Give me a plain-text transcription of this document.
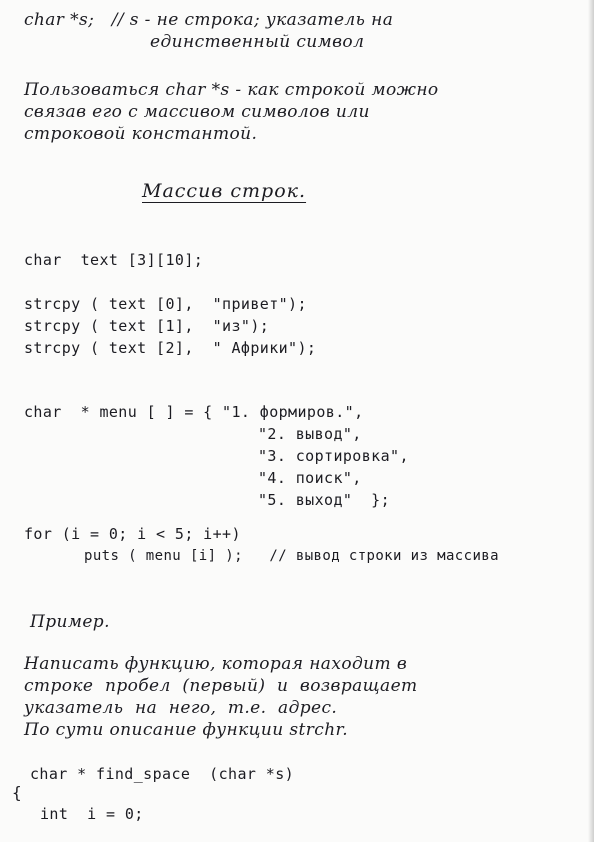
char *s;   // s - не строка; указатель на
единственный символ
Пользоваться char *s - как строкой можно
связав его с массивом символов или
строковой константой.
Массив строк.
char  text [3][10];
strcpy ( text [0],  "привет");
strcpy ( text [1],  "из");
strcpy ( text [2],  " Африки");
char  * menu [ ] = { "1. формиров.",
"2. вывод",
"3. сортировка",
"4. поиск",
"5. выход"  };
for (i = 0; i < 5; i++)
puts ( menu [i] );   // вывод строки из массива
Пример.
Написать функцию, которая находит в
строке  пробел  (первый)  и  возвращает
указатель  на  него,  т.е.  адрес.
По сути описание функции strchr.
char * find_space  (char *s)
{
int  i = 0;
